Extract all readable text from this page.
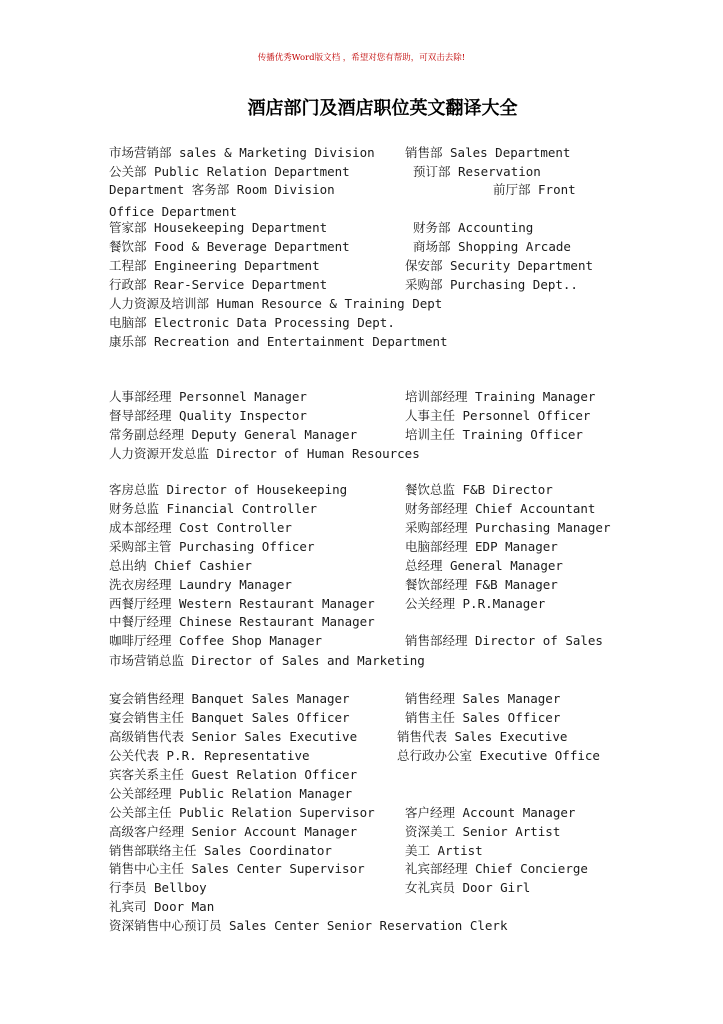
传播优秀Word版文档 ，希望对您有帮助，可双击去除!
酒店部门及酒店职位英文翻译大全
市场营销部 sales & Marketing Division 销售部 Sales Department
公关部 Public Relation Department	预订部 Reservation
Department 客务部 Room Division	前厅部 Front
Office Department
管家部 Housekeeping Department	财务部 Accounting
餐饮部 Food & Beverage Department	商场部 Shopping Arcade
工程部 Engineering Department	保安部 Security Department
行政部 Rear-Service Department	采购部 Purchasing Dept..
人力资源及培训部 Human Resource & Training Dept
电脑部 Electronic Data Processing Dept.
康乐部 Recreation and Entertainment Department
人事部经理 Personnel Manager	培训部经理 Training Manager
督导部经理 Quality Inspector	人事主任 Personnel Officer
常务副总经理 Deputy General Manager	培训主任 Training Officer
人力资源开发总监 Director of Human Resources
客房总监 Director of Housekeeping	餐饮总监 F&B Director
财务总监 Financial Controller	财务部经理 Chief Accountant
成本部经理 Cost Controller	采购部经理 Purchasing Manager
采购部主管 Purchasing Officer	电脑部经理 EDP Manager
总出纳 Chief Cashier	总经理 General Manager
洗衣房经理 Laundry Manager	餐饮部经理 F&B Manager
西餐厅经理 Western Restaurant Manager 公关经理 P.R.Manager
中餐厅经理 Chinese Restaurant Manager
咖啡厅经理 Coffee Shop Manager	销售部经理 Director of Sales
市场营销总监 Director of Sales and Marketing
宴会销售经理 Banquet Sales Manager	销售经理 Sales Manager
宴会销售主任 Banquet Sales Officer	销售主任 Sales Officer
高级销售代表 Senior Sales Executive	销售代表 Sales Executive
公关代表 P.R. Representative	总行政办公室 Executive Office
宾客关系主任 Guest Relation Officer
公关部经理 Public Relation Manager
公关部主任 Public Relation Supervisor 客户经理 Account Manager
高级客户经理 Senior Account Manager	资深美工 Senior Artist
销售部联络主任 Sales Coordinator	美工 Artist
销售中心主任 Sales Center Supervisor	礼宾部经理 Chief Concierge
行李员 Bellboy	女礼宾员 Door Girl
礼宾司 Door Man
资深销售中心预订员 Sales Center Senior Reservation Clerk
